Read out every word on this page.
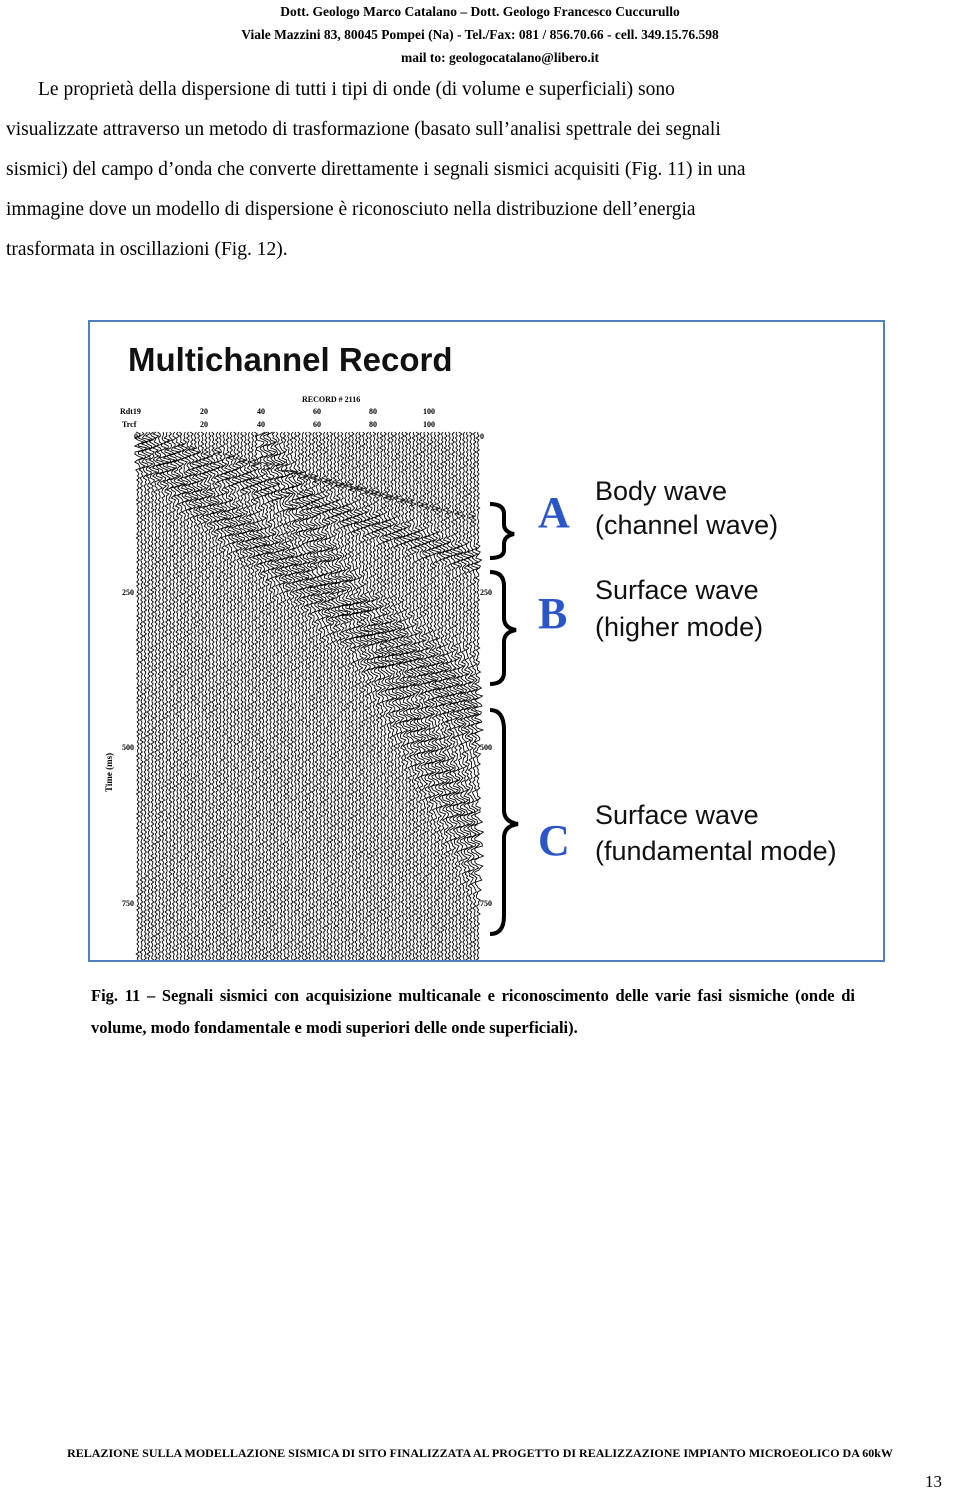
Dott. Geologo Marco Catalano – Dott. Geologo Francesco Cuccurullo
Viale Mazzini 83, 80045 Pompei (Na) - Tel./Fax: 081 / 856.70.66 - cell. 349.15.76.598
mail to: geologocatalano@libero.it
Le proprietà della dispersione di tutti i tipi di onde (di volume e superficiali) sono
visualizzate attraverso un metodo di trasformazione (basato sull’analisi spettrale dei segnali
sismici) del campo d’onda che converte direttamente i segnali sismici acquisiti (Fig. 11) in una
immagine dove un modello di dispersione è riconosciuto nella distribuzione dell’energia
trasformata in oscillazioni (Fig. 12).
Multichannel Record
RECORD # 2116
Rdt19	20	40	60	80	100
Trcf	20	40	60	80	100
0	0
250	250
500	500
750	750
Time (ms)
A Body wave
(channel wave)
B Surface wave
(higher mode)
C
Surface wave
(fundamental mode)
Fig. 11 – Segnali sismici con acquisizione multicanale e riconoscimento delle varie fasi sismiche (onde di volume, modo fondamentale e modi superiori delle onde superficiali).
RELAZIONE SULLA MODELLAZIONE SISMICA DI SITO FINALIZZATA AL PROGETTO DI REALIZZAZIONE IMPIANTO MICROEOLICO DA 60kW
13
